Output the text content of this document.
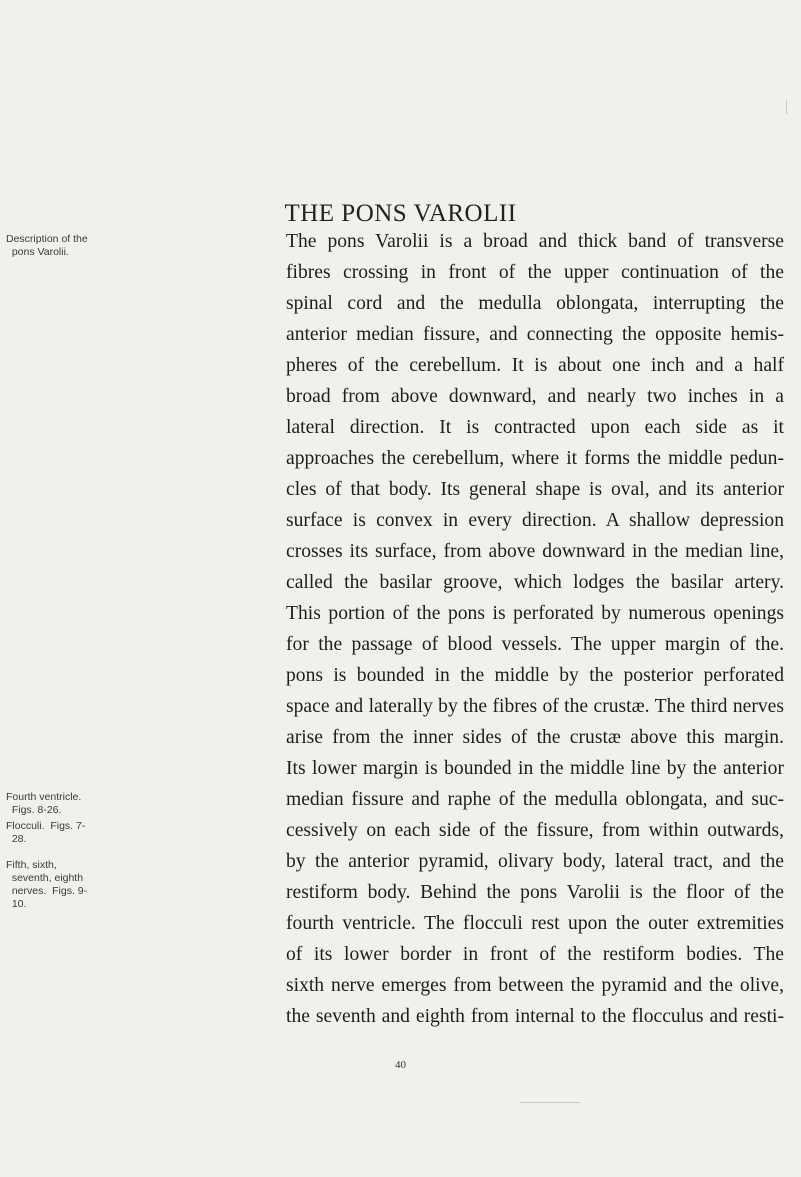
THE PONS VAROLII
Description of the
pons Varolii.
Fourth ventricle.
Figs. 8-26.
Flocculi.  Figs. 7-
28.
Fifth, sixth,
seventh, eighth
nerves.  Figs. 9-
10.
The pons Varolii is a broad and thick band of transverse
fibres crossing in front of the upper continuation of the
spinal cord and the medulla oblongata, interrupting the
anterior median fissure, and connecting the opposite hemis-
pheres of the cerebellum. It is about one inch and a half
broad from above downward, and nearly two inches in a
lateral direction. It is contracted upon each side as it
approaches the cerebellum, where it forms the middle pedun-
cles of that body. Its general shape is oval, and its anterior
surface is convex in every direction. A shallow depression
crosses its surface, from above downward in the median line,
called the basilar groove, which lodges the basilar artery.
This portion of the pons is perforated by numerous openings
for the passage of blood vessels. The upper margin of the.
pons is bounded in the middle by the posterior perforated
space and laterally by the fibres of the crustæ. The third nerves
arise from the inner sides of the crustæ above this margin.
Its lower margin is bounded in the middle line by the anterior
median fissure and raphe of the medulla oblongata, and suc-
cessively on each side of the fissure, from within outwards,
by the anterior pyramid, olivary body, lateral tract, and the
restiform body. Behind the pons Varolii is the floor of the
fourth ventricle. The flocculi rest upon the outer extremities
of its lower border in front of the restiform bodies. The
sixth nerve emerges from between the pyramid and the olive,
the seventh and eighth from internal to the flocculus and resti-
40
